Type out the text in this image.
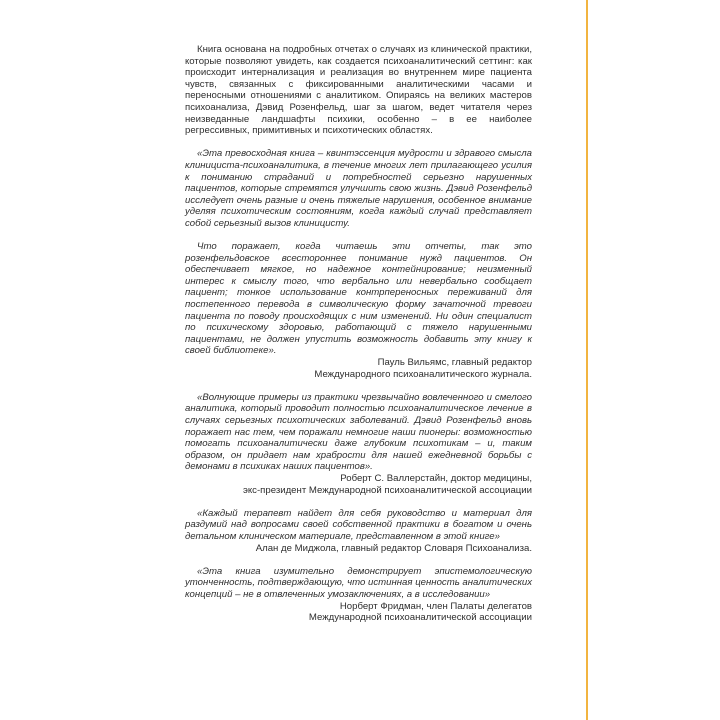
Книга основана на подробных отчетах о случаях из клинической практики, которые позволяют увидеть, как создается психоаналитический сеттинг: как происходит интернализация и реализация во внутреннем мире пациента чувств, связанных с фиксированными аналитическими часами и переносными отношениями с аналитиком. Опираясь на великих мастеров психоанализа, Дэвид Розенфельд, шаг за шагом, ведет читателя через неизведанные ландшафты психики, особенно – в ее наиболее регрессивных, примитивных и психотических областях.

«Эта превосходная книга – квинтэссенция мудрости и здравого смысла клинициста-психоаналитика, в течение многих лет прилагающего усилия к пониманию страданий и потребностей серьезно нарушенных пациентов, которые стремятся улучшить свою жизнь. Дэвид Розенфельд исследует очень разные и очень тяжелые нарушения, особенное внимание уделяя психотическим состояниям, когда каждый случай представляет собой серьезный вызов клиницисту.

Что поражает, когда читаешь эти отчеты, так это розенфельдовское всестороннее понимание нужд пациентов. Он обеспечивает мягкое, но надежное контейнирование; неизменный интерес к смыслу того, что вербально или невербально сообщает пациент; тонкое использование контрпереносных переживаний для постепенного перевода в символическую форму зачаточной тревоги пациента по поводу происходящих с ним изменений. Ни один специалист по психическому здоровью, работающий с тяжело нарушенными пациентами, не должен упустить возможность добавить эту книгу к своей библиотеке».

Пауль Вильямс, главный редактор

Международного психоаналитического журнала.

«Волнующие примеры из практики чрезвычайно вовлеченного и смелого аналитика, который проводит полностью психоаналитическое лечение в случаях серьезных психотических заболеваний. Дэвид Розенфельд вновь поражает нас тем, чем поражали немногие наши пионеры: возможностью помогать психоаналитически даже глубоким психотикам – и, таким образом, он придает нам храбрости для нашей ежедневной борьбы с демонами в психиках наших пациентов».

Роберт С. Валлерстайн, доктор медицины,

экс-президент Международной психоаналитической ассоциации

«Каждый терапевт найдет для себя руководство и материал для раздумий над вопросами своей собственной практики в богатом и очень детальном клиническом материале, представленном в этой книге»

Алан де Миджола, главный редактор Словаря Психоанализа.

«Эта книга изумительно демонстрирует эпистемологическую утонченность, подтверждающую, что истинная ценность аналитических концепций – не в отвлеченных умозаключениях, а в исследовании»

Норберт Фридман, член Палаты делегатов

Международной психоаналитической ассоциации
